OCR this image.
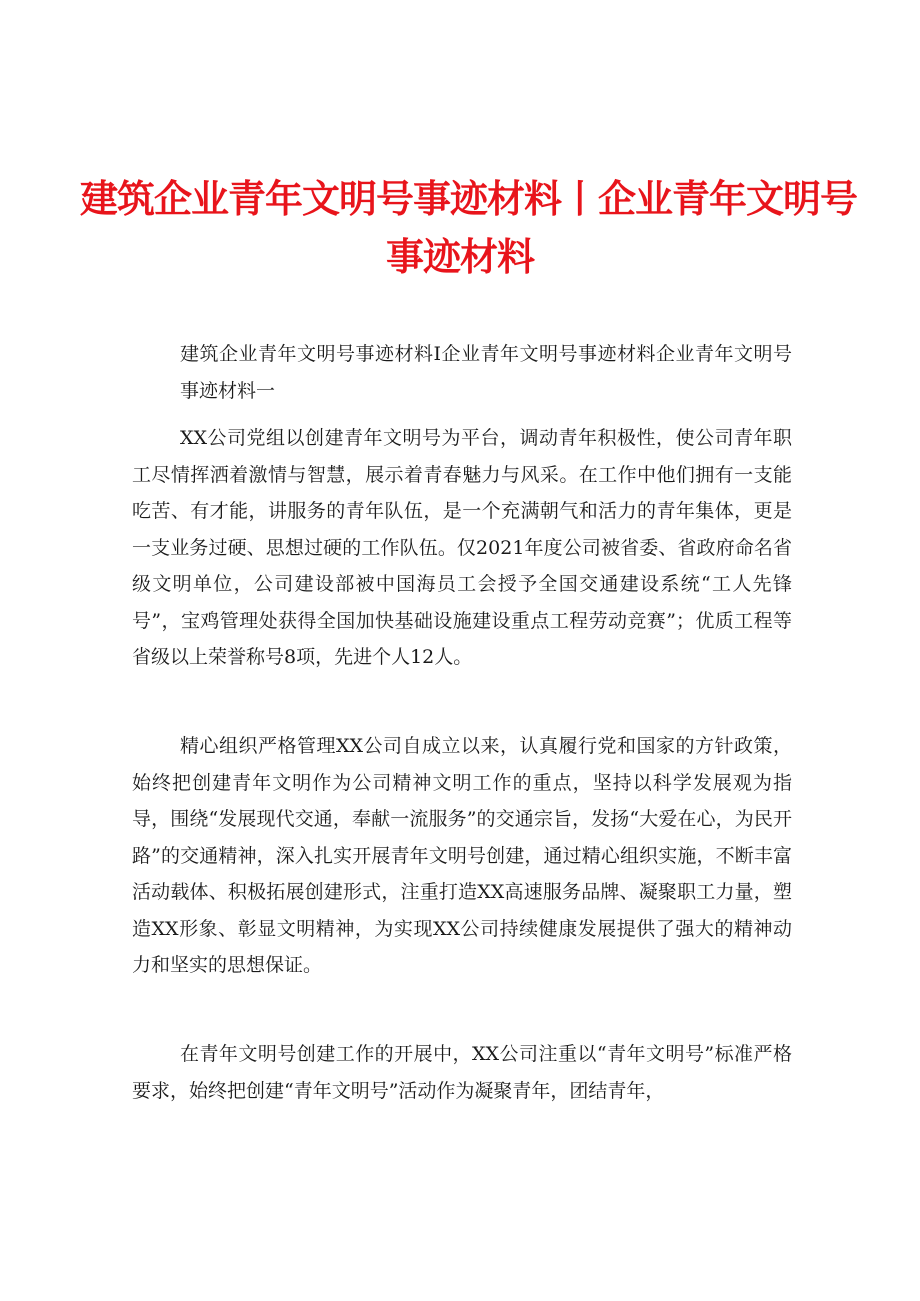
建筑企业青年文明号事迹材料丨企业青年文明号
事迹材料

建筑企业青年文明号事迹材料I企业青年文明号事迹材料企业青年文明号事迹材料一

XX公司党组以创建青年文明号为平台，调动青年积极性，使公司青年职工尽情挥洒着激情与智慧，展示着青春魅力与风采。在工作中他们拥有一支能吃苦、有才能，讲服务的青年队伍，是一个充满朝气和活力的青年集体，更是一支业务过硬、思想过硬的工作队伍。仅2021年度公司被省委、省政府命名省级文明单位，公司建设部被中国海员工会授予全国交通建设系统“工人先锋号”，宝鸡管理处获得全国加快基础设施建设重点工程劳动竞赛”；优质工程等省级以上荣誉称号8项，先进个人12人。

精心组织严格管理XX公司自成立以来，认真履行党和国家的方针政策，始终把创建青年文明作为公司精神文明工作的重点，坚持以科学发展观为指导，围绕“发展现代交通，奉献一流服务”的交通宗旨，发扬“大爱在心，为民开路”的交通精神，深入扎实开展青年文明号创建，通过精心组织实施，不断丰富活动载体、积极拓展创建形式，注重打造XX高速服务品牌、凝聚职工力量，塑造XX形象、彰显文明精神，为实现XX公司持续健康发展提供了强大的精神动力和坚实的思想保证。

在青年文明号创建工作的开展中，XX公司注重以“青年文明号”标准严格要求，始终把创建“青年文明号”活动作为凝聚青年，团结青年，
